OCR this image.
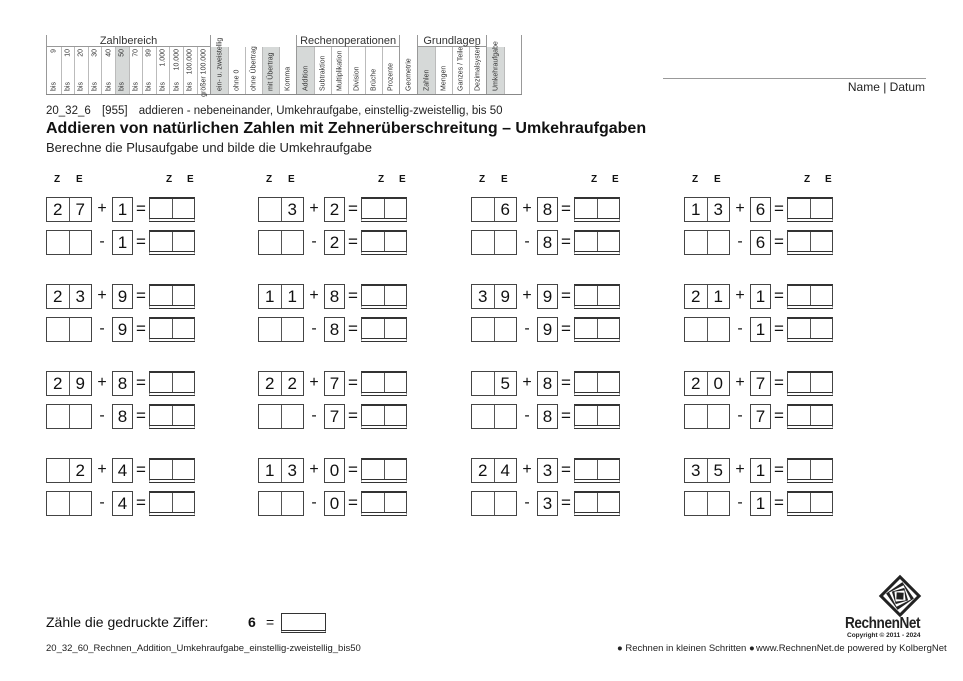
Zahlbereich
9
bis
10
bis
20
bis
30
bis
40
bis
50
bis
70
bis
99
bis
1.000
bis
10.000
bis
100.000
bis größer 100.000 ein- u. zweistellig ohne 0 ohne Übertrag mit Übertrag Komma
Rechenoperationen
Addition Subtraktion Multiplikation Division Brüche Prozente Geometrie
Grundlagen
Zahlen Mengen Ganzes / Teile Dezimalsystem Umkehraufgabe	Name | Datum
20_32_6 [955] addieren - nebeneinander, Umkehraufgabe, einstellig-zweistellig, bis 50
Addieren von natürlichen Zahlen mit Zehnerüberschreitung – Umkehraufgaben
Berechne die Plusaufgabe und bilde die Umkehraufgabe
Z E	Z E
2 7 + 1 =
- 1 =
Z E	Z E
3 + 2 =
- 2 =
Z E	Z E
6 + 8 =
- 8 =
Z E	Z E
1 3 + 6 =
- 6 =
2 3 + 9 =
- 9 =
1 1 + 8 =
- 8 =
3 9 + 9 =
- 9 =
2 1 + 1 =
- 1 =
2 9 + 8 =
- 8 =
2 2 + 7 =
- 7 =
5 + 8 =
- 8 =
2 0 + 7 =
- 7 =
2 + 4 =
- 4 =
1 3 + 0 =
- 0 =
2 4 + 3 =
- 3 =
3 5 + 1 =
- 1 =
Zähle die gedruckte Ziffer:	6 =
20_32_60_Rechnen_Addition_Umkehraufgabe_einstellig-zweistellig_bis50	● Rechnen in kleinen Schritten ● www.RechnenNet.de powered by KolbergNet
RechnenNet
Copyright © 2011 - 2024
